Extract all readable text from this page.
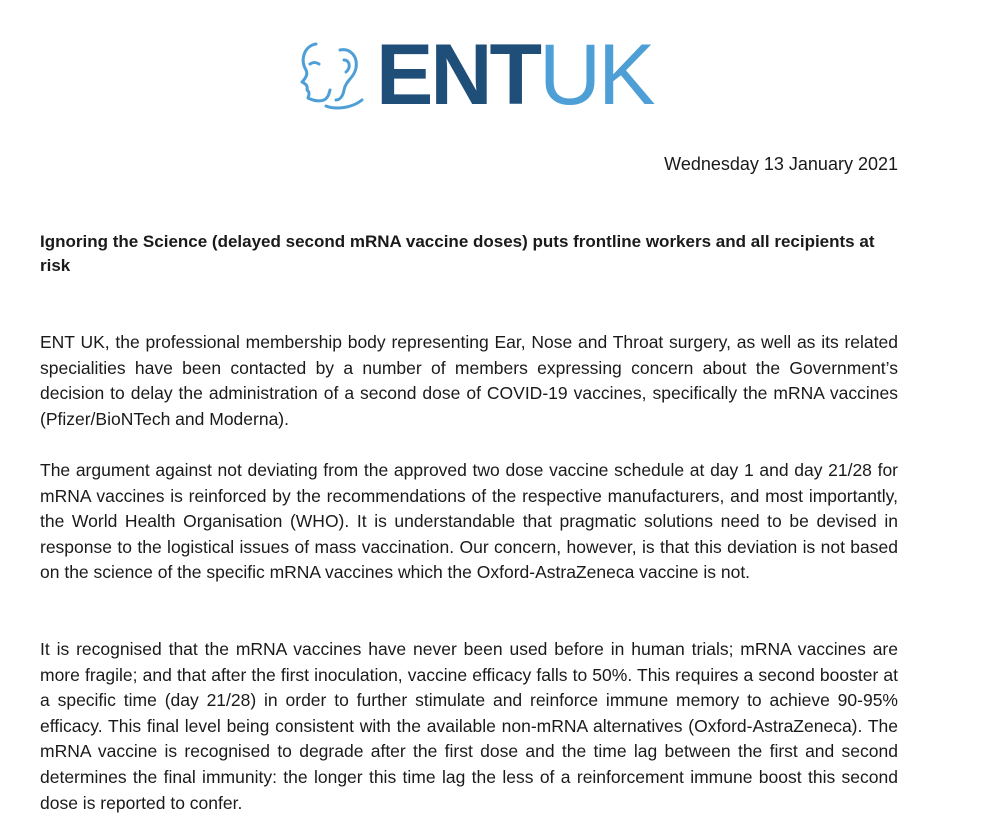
ENTUK
Wednesday 13 January 2021
Ignoring the Science (delayed second mRNA vaccine doses) puts frontline workers and all recipients at risk

ENT UK, the professional membership body representing Ear, Nose and Throat surgery, as well as its related specialities have been contacted by a number of members expressing concern about the Government’s decision to delay the administration of a second dose of COVID-19 vaccines, specifically the mRNA vaccines (Pfizer/BioNTech and Moderna).

The argument against not deviating from the approved two dose vaccine schedule at day 1 and day 21/28 for mRNA vaccines is reinforced by the recommendations of the respective manufacturers, and most importantly, the World Health Organisation (WHO). It is understandable that pragmatic solutions need to be devised in response to the logistical issues of mass vaccination. Our concern, however, is that this deviation is not based on the science of the specific mRNA vaccines which the Oxford-AstraZeneca vaccine is not.

It is recognised that the mRNA vaccines have never been used before in human trials; mRNA vaccines are more fragile; and that after the first inoculation, vaccine efficacy falls to 50%. This requires a second booster at a specific time (day 21/28) in order to further stimulate and reinforce immune memory to achieve 90-95% efficacy. This final level being consistent with the available non-mRNA alternatives (Oxford-AstraZeneca). The mRNA vaccine is recognised to degrade after the first dose and the time lag between the first and second determines the final immunity: the longer this time lag the less of a reinforcement immune boost this second dose is reported to confer.
